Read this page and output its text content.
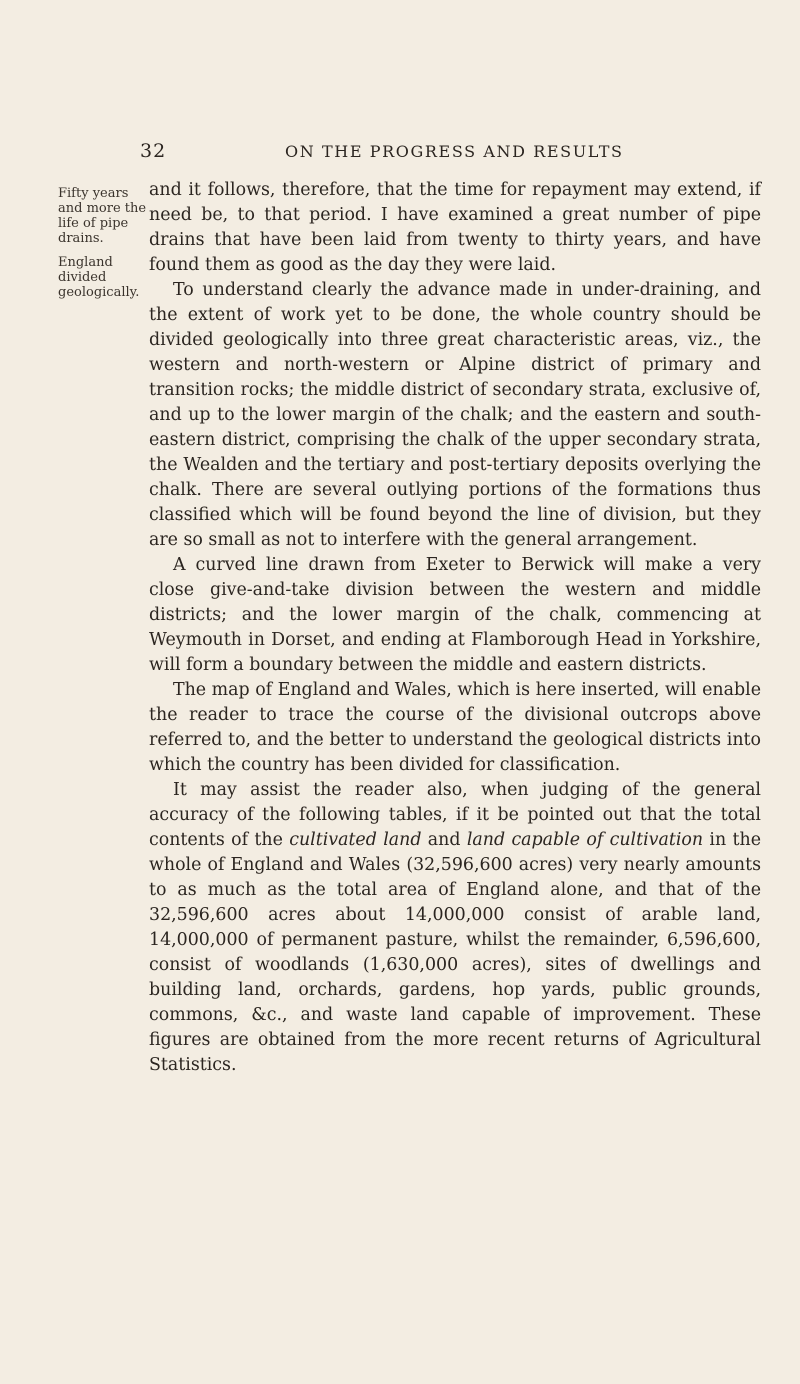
32	ON THE PROGRESS AND RESULTS
Fifty years
and more the
life of pipe
drains.
England
divided
geologically.

and it follows, therefore, that the time for repayment may extend, if need be, to that period. I have examined a great number of pipe drains that have been laid from twenty to thirty years, and have found them as good as the day they were laid.

To understand clearly the advance made in under-draining, and the extent of work yet to be done, the whole country should be divided geologically into three great characteristic areas, viz., the western and north-western or Alpine district of primary and transition rocks; the middle district of secondary strata, exclusive of, and up to the lower margin of the chalk; and the eastern and south-eastern district, comprising the chalk of the upper secondary strata, the Wealden and the tertiary and post-tertiary deposits overlying the chalk. There are several outlying portions of the formations thus classified which will be found beyond the line of division, but they are so small as not to interfere with the general arrangement.

A curved line drawn from Exeter to Berwick will make a very close give-and-take division between the western and middle districts; and the lower margin of the chalk, commencing at Weymouth in Dorset, and ending at Flamborough Head in Yorkshire, will form a boundary between the middle and eastern districts.

The map of England and Wales, which is here inserted, will enable the reader to trace the course of the divisional outcrops above referred to, and the better to understand the geological districts into which the country has been divided for classification.

It may assist the reader also, when judging of the general accuracy of the following tables, if it be pointed out that the total contents of the cultivated land and land capable of cultivation in the whole of England and Wales (32,596,600 acres) very nearly amounts to as much as the total area of England alone, and that of the 32,596,600 acres about 14,000,000 consist of arable land, 14,000,000 of permanent pasture, whilst the remainder, 6,596,600, consist of woodlands (1,630,000 acres), sites of dwellings and building land, orchards, gardens, hop yards, public grounds, commons, &c., and waste land capable of improvement. These figures are obtained from the more recent returns of Agricultural Statistics.
